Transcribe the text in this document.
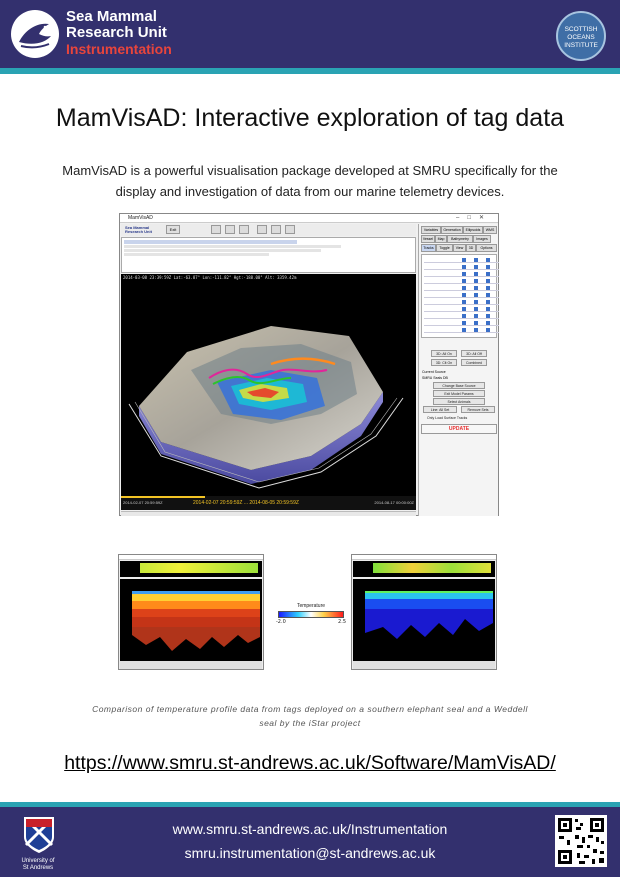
Sea Mammal
Research Unit
Instrumentation
SCOTTISH OCEANS INSTITUTE
MamVisAD: Interactive exploration of tag data
MamVisAD is a powerful visualisation package developed at SMRU specifically for the display and investigation of data from our marine telemetry devices.
MamVisAD	–□✕
Sea Mammal Research Unit	Exit
2014-03-08 23:39:59Z Lat:-63.87° Lon:-111.82° Hgt:-188.00° Alt: 3359.42m
2014-02-07 20:59:59Z	2014-02-07 20:59:59Z ... 2014-08-05 20:59:59Z	2014-08-17 00:00:00Z
Variables	Generation	Ellipsoids	WMS
Vessel	Map	Bathymetry	Images
Tracks	Toggle	View	3D	Options
3D: All On	3D: All Off
3D: Clt On	Combined
Current Source
SMRU Seals DB
Change Base Source
Exit Model Params
Select Animals
Line: All Set	Remove Sets
Only Load Surface Tracks
UPDATE
Temperature
-2.0	2.5
Comparison of temperature profile data from tags deployed on a southern elephant seal and a Weddell seal by the iStar project
https://www.smru.st-andrews.ac.uk/Software/MamVisAD/
University of
St Andrews
www.smru.st-andrews.ac.uk/Instrumentation
smru.instrumentation@st-andrews.ac.uk
